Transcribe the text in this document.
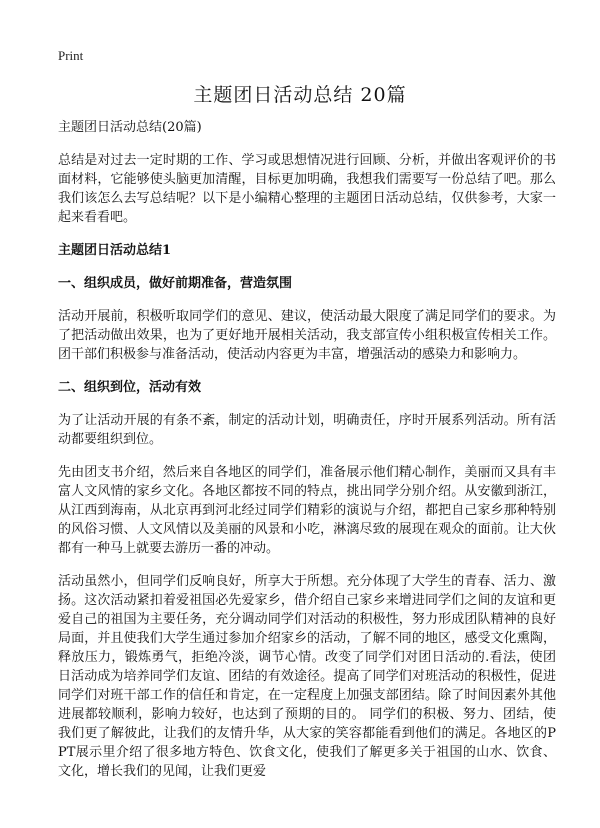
Print
主题团日活动总结 20篇
主题团日活动总结(20篇)

总结是对过去一定时期的工作、学习或思想情况进行回顾、分析，并做出客观评价的书面材料，它能够使头脑更加清醒，目标更加明确，我想我们需要写一份总结了吧。那么我们该怎么去写总结呢？以下是小编精心整理的主题团日活动总结，仅供参考，大家一起来看看吧。

主题团日活动总结1
一、组织成员，做好前期准备，营造氛围

活动开展前，积极听取同学们的意见、建议，使活动最大限度了满足同学们的要求。为了把活动做出效果，也为了更好地开展相关活动，我支部宣传小组积极宣传相关工作。团干部们积极参与准备活动，使活动内容更为丰富，增强活动的感染力和影响力。

二、组织到位，活动有效

为了让活动开展的有条不紊，制定的活动计划，明确责任，序时开展系列活动。所有活动都要组织到位。

先由团支书介绍，然后来自各地区的同学们，准备展示他们精心制作，美丽而又具有丰富人文风情的家乡文化。各地区都按不同的特点，挑出同学分别介绍。从安徽到浙江，从江西到海南，从北京再到河北经过同学们精彩的演说与介绍，都把自己家乡那种特别的风俗习惯、人文风情以及美丽的风景和小吃，淋漓尽致的展现在观众的面前。让大伙都有一种马上就要去游历一番的冲动。

活动虽然小，但同学们反响良好，所享大于所想。充分体现了大学生的青春、活力、激扬。这次活动紧扣着爱祖国必先爱家乡，借介绍自己家乡来增进同学们之间的友谊和更爱自己的祖国为主要任务，充分调动同学们对活动的积极性，努力形成团队精神的良好局面，并且使我们大学生通过参加介绍家乡的活动，了解不同的地区，感受文化熏陶，释放压力，锻炼勇气，拒绝冷淡，调节心情。改变了同学们对团日活动的.看法，使团日活动成为培养同学们友谊、团结的有效途径。提高了同学们对班活动的积极性，促进同学们对班干部工作的信任和肯定，在一定程度上加强支部团结。除了时间因素外其他进展都较顺利，影响力较好，也达到了预期的目的。 同学们的积极、努力、团结，使我们更了解彼此，让我们的友情升华，从大家的笑容都能看到他们的满足。各地区的PPT展示里介绍了很多地方特色、饮食文化，使我们了解更多关于祖国的山水、饮食、文化，增长我们的见闻，让我们更爱
